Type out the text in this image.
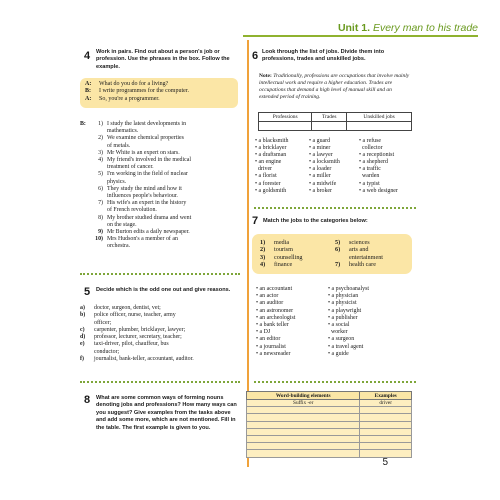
Unit 1. Every man to his trade
4 Work in pairs. Find out about a person's job or profession. Use the phrases in the box. Follow the example.
A:	What do you do for a living?
B:	I write programmes for the computer.
A:	So, you're a programmer.
B:	1) I study the latest developments in
mathematics.
2) We examine chemical properties
of metals.
3) Mr White is an expert on stars.
4) My friend's involved in the medical
treatment of cancer.
5) I'm working in the field of nuclear
physics.
6) They study the mind and how it
influences people's behaviour.
7) His wife's an expert in the history
of French revolution.
8) My brother studied drama and went
on the stage.
9) Mr Burton edits a daily newspaper.
10) Mrs Hudson's a member of an
orchestra.
5 Decide which is the odd one out and give reasons.
a)	doctor, surgeon, dentist, vet;
b)	police officer, nurse, teacher, army
officer;
c)	carpenter, plumber, bricklayer, lawyer;
d)	professor, lecturer, secretary, teacher;
e)	taxi-driver, pilot, chauffeur, bus
conductor;
f)	journalist, bank-teller, accountant, auditor.
• an accountant
• an actor
• an auditor
• an astronomer
• an archeologist
• a bank teller
• a DJ
• an editor
• a journalist
• a newsreader
• a psychoanalyst
• a physician
• a physicist
• a playwright
• a publisher
• a social
worker
• a surgeon
• a travel agent
• a guide
6 Look through the list of jobs. Divide them into professions, trades and unskilled jobs.
Note: Traditionally, professions are occupations that involve mainly intellectual work and require a higher education. Trades are occupations that demand a high level of manual skill and an extended period of training.
Professions	Trades	Unskilled jobs

• a blacksmith	• a guard	• a refuse
• a bricklayer	• a miner	collector
• a draftsman	• a lawyer	• a receptionist
• an engine	• a locksmith	• a shepherd
driver	• a loader	• a traffic
• a florist	• a miller	warden
• a forester	• a midwife	• a typist
• a goldsmith	• a broker	• a web designer
7 Match the jobs to the categories below:
1)	media
2)	tourism
3)	counselling
4)	finance
5)	sciences
6)	arts and
entertainment
7)	health care
8 What are some common ways of forming nouns denoting jobs and professions? How many ways can you suggest? Give examples from the tasks above and add some more, which are not mentioned. Fill in the table. The first example is given to you.
Word-building elements	Examples
Suffix -er	driver

5
